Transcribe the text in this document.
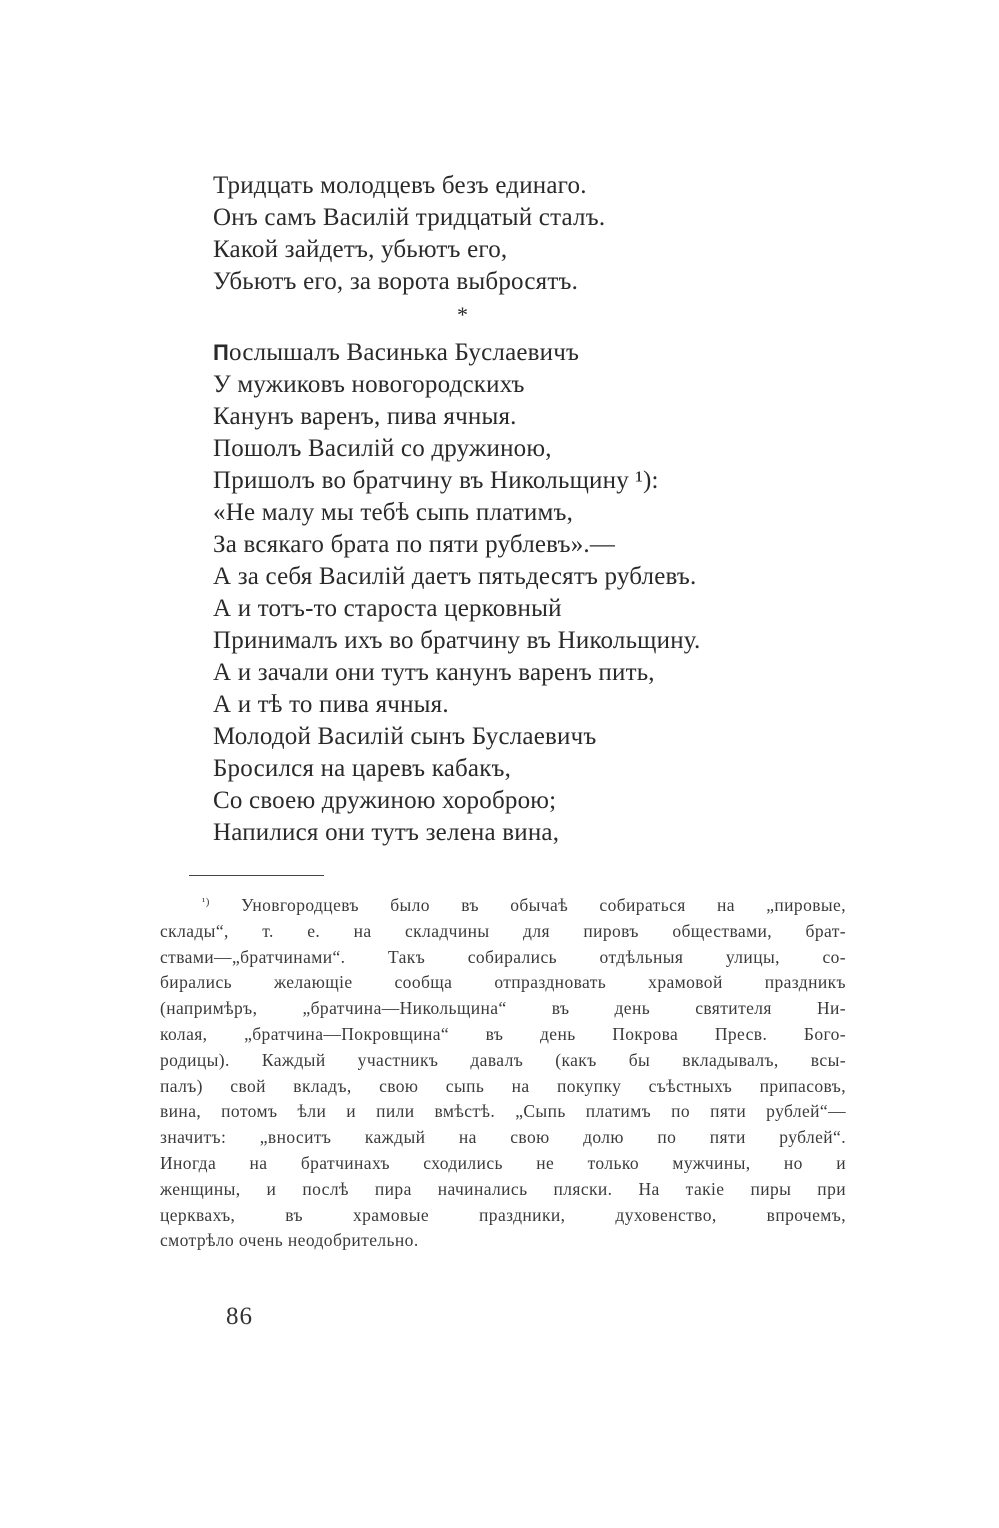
Тридцать молодцевъ безъ единаго.
Онъ самъ Василій тридцатый сталъ.
Какой зайдетъ, убьютъ его,
Убьютъ его, за ворота выбросятъ.
*
Послышалъ Васинька Буслаевичъ
У мужиковъ новогородскихъ
Канунъ варенъ, пива ячныя.
Пошолъ Василій со дружиною,
Пришолъ во братчину въ Никольщину ¹):
«Не малу мы тебѣ сыпь платимъ,
За всякаго брата по пяти рублевъ».—
А за себя Василій даетъ пятьдесятъ рублевъ.
А и тотъ-то староста церковный
Принималъ ихъ во братчину въ Никольщину.
А и зачали они тутъ канунъ варенъ пить,
А и тѣ то пива ячныя.
Молодой Василій сынъ Буслаевичъ
Бросился на царевъ кабакъ,
Со своею дружиною хороброю;
Напилися они тутъ зелена вина,
$^{^1)}$ Уновгородцевъ было въ обычаѣ собираться на „пировые,
склады“, т. е. на складчины для пировъ обществами, брат-
ствами—„братчинами“. Такъ собирались отдѣльныя улицы, со-
бирались желающіе сообща отпраздновать храмовой праздникъ
(напримѣръ, „братчина—Никольщина“ въ день святителя Ни-
колая, „братчина—Покровщина“ въ день Покрова Пресв. Бого-
родицы). Каждый участникъ давалъ (какъ бы вкладывалъ, вcы-
палъ) свой вкладъ, свою сыпь на покупку съѣстныхъ припасовъ,
вина, потомъ ѣли и пили вмѣстѣ. „Сыпь платимъ по пяти рублей“—
значитъ: „вноситъ каждый на свою долю по пяти рублей“.
Иногда на братчинахъ сходились не только мужчины, но и
женщины, и послѣ пира начинались пляски. На такіе пиры при
церквахъ, въ храмовые праздники, духовенство, впрочемъ,
смотрѣло очень неодобрительно.
86
